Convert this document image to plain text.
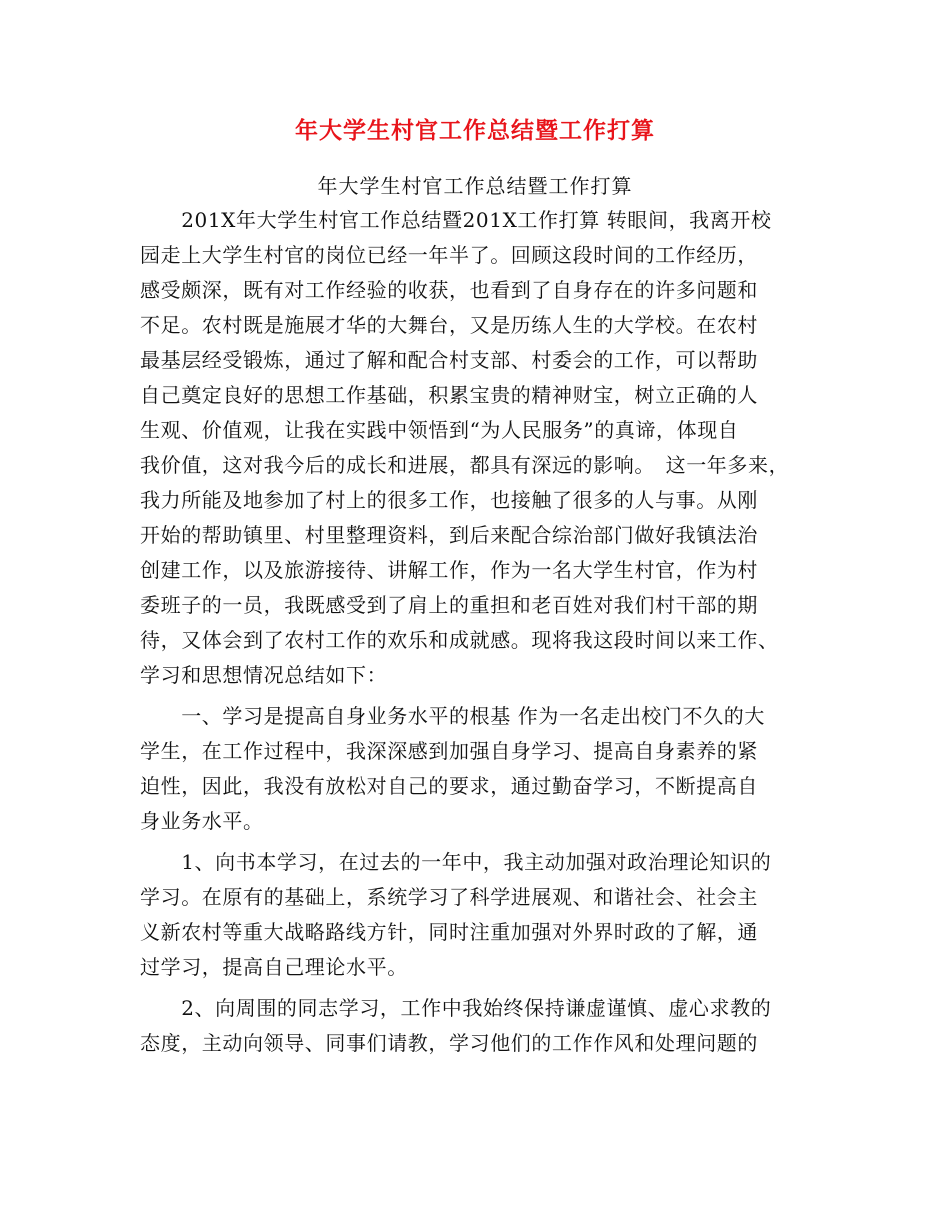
年大学生村官工作总结暨工作打算

年大学生村官工作总结暨工作打算

　　201X年大学生村官工作总结暨201X工作打算 转眼间，我离开校

园走上大学生村官的岗位已经一年半了。回顾这段时间的工作经历，

感受颇深，既有对工作经验的收获，也看到了自身存在的许多问题和

不足。农村既是施展才华的大舞台，又是历练人生的大学校。在农村

最基层经受锻炼，通过了解和配合村支部、村委会的工作，可以帮助

自己奠定良好的思想工作基础，积累宝贵的精神财宝，树立正确的人

生观、价值观，让我在实践中领悟到“为人民服务”的真谛，体现自

我价值，这对我今后的成长和进展，都具有深远的影响。　这一年多来，

我力所能及地参加了村上的很多工作，也接触了很多的人与事。从刚

开始的帮助镇里、村里整理资料，到后来配合综治部门做好我镇法治

创建工作，以及旅游接待、讲解工作，作为一名大学生村官，作为村

委班子的一员，我既感受到了肩上的重担和老百姓对我们村干部的期

待，又体会到了农村工作的欢乐和成就感。现将我这段时间以来工作、

学习和思想情况总结如下：

　　一、学习是提高自身业务水平的根基 作为一名走出校门不久的大

学生，在工作过程中，我深深感到加强自身学习、提高自身素养的紧

迫性，因此，我没有放松对自己的要求，通过勤奋学习，不断提高自

身业务水平。

　　1、向书本学习，在过去的一年中，我主动加强对政治理论知识的

学习。在原有的基础上，系统学习了科学进展观、和谐社会、社会主

义新农村等重大战略路线方针，同时注重加强对外界时政的了解，通

过学习，提高自己理论水平。

　　2、向周围的同志学习，工作中我始终保持谦虚谨慎、虚心求教的

态度，主动向领导、同事们请教，学习他们的工作作风和处理问题的
